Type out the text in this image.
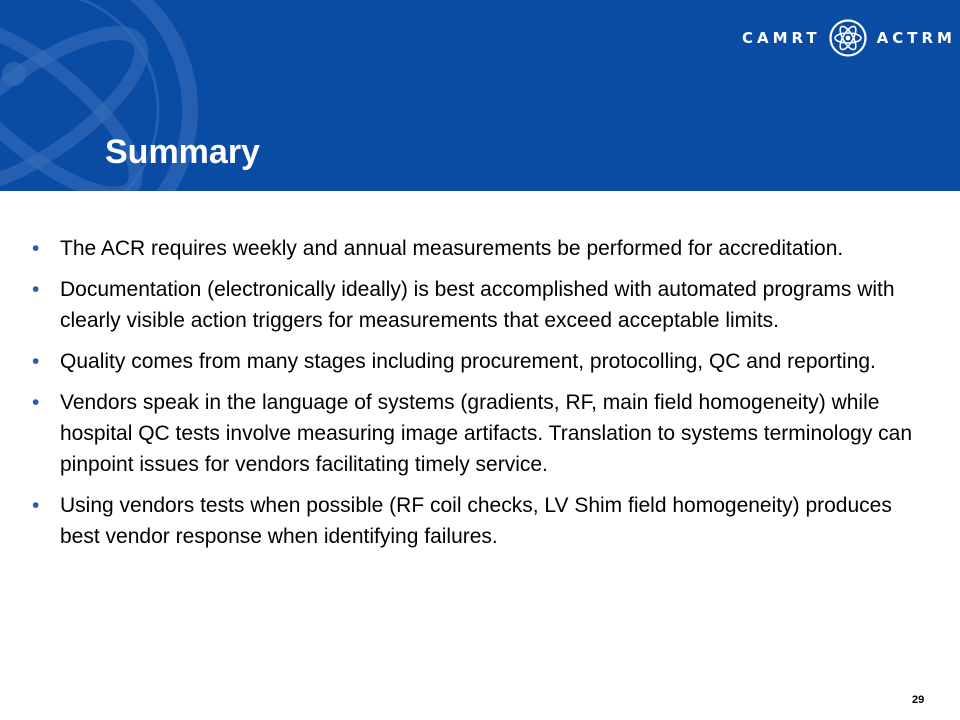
CAMRT	ACTRM
Summary
• The ACR requires weekly and annual measurements be performed for accreditation.
• Documentation (electronically ideally) is best accomplished with automated programs with clearly visible action triggers for measurements that exceed acceptable limits.
• Quality comes from many stages including procurement, protocolling, QC and reporting.
• Vendors speak in the language of systems (gradients, RF, main field homogeneity) while hospital QC tests involve measuring image artifacts. Translation to systems terminology can pinpoint issues for vendors facilitating timely service.
• Using vendors tests when possible (RF coil checks, LV Shim field homogeneity) produces best vendor response when identifying failures.
29
